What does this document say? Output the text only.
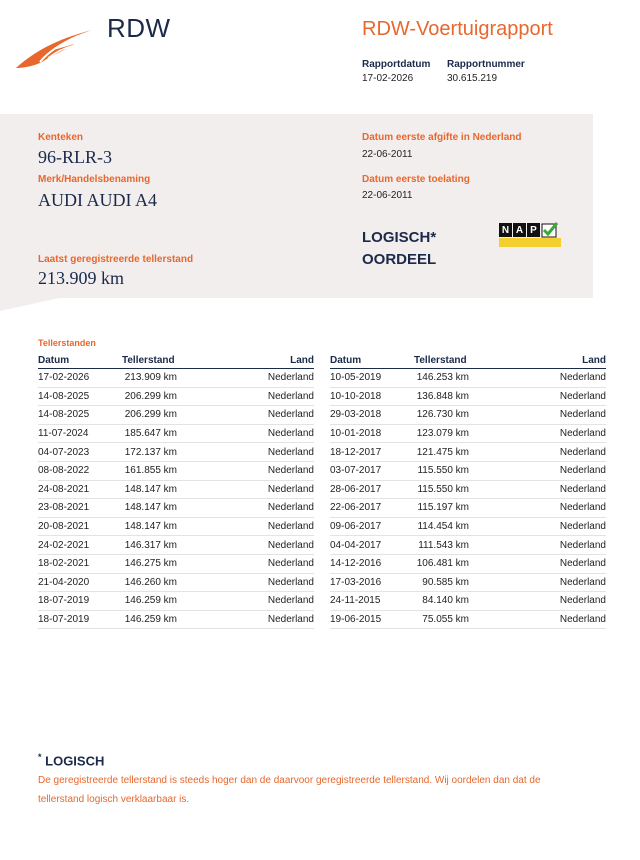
RDW	RDW-Voertuigrapport
Rapportdatum
17-02-2026
Rapportnummer
30.615.219
Kenteken
96-RLR-3
Merk/Handelsbenaming
AUDI AUDI A4
Laatst geregistreerde tellerstand
213.909 km
Datum eerste afgifte in Nederland
22-06-2011
Datum eerste toelating
22-06-2011
LOGISCH*
OORDEEL
N A P
Tellerstanden
Datum	Tellerstand	Land
17-02-2026	213.909 km	Nederland
14-08-2025	206.299 km	Nederland
14-08-2025	206.299 km	Nederland
11-07-2024	185.647 km	Nederland
04-07-2023	172.137 km	Nederland
08-08-2022	161.855 km	Nederland
24-08-2021	148.147 km	Nederland
23-08-2021	148.147 km	Nederland
20-08-2021	148.147 km	Nederland
24-02-2021	146.317 km	Nederland
18-02-2021	146.275 km	Nederland
21-04-2020	146.260 km	Nederland
18-07-2019	146.259 km	Nederland
18-07-2019	146.259 km	Nederland
Datum	Tellerstand	Land
10-05-2019	146.253 km	Nederland
10-10-2018	136.848 km	Nederland
29-03-2018	126.730 km	Nederland
10-01-2018	123.079 km	Nederland
18-12-2017	121.475 km	Nederland
03-07-2017	115.550 km	Nederland
28-06-2017	115.550 km	Nederland
22-06-2017	115.197 km	Nederland
09-06-2017	114.454 km	Nederland
04-04-2017	111.543 km	Nederland
14-12-2016	106.481 km	Nederland
17-03-2016	90.585 km	Nederland
24-11-2015	84.140 km	Nederland
19-06-2015	75.055 km	Nederland
* LOGISCH
De geregistreerde tellerstand is steeds hoger dan de daarvoor geregistreerde tellerstand. Wij oordelen dan dat de tellerstand logisch verklaarbaar is.
